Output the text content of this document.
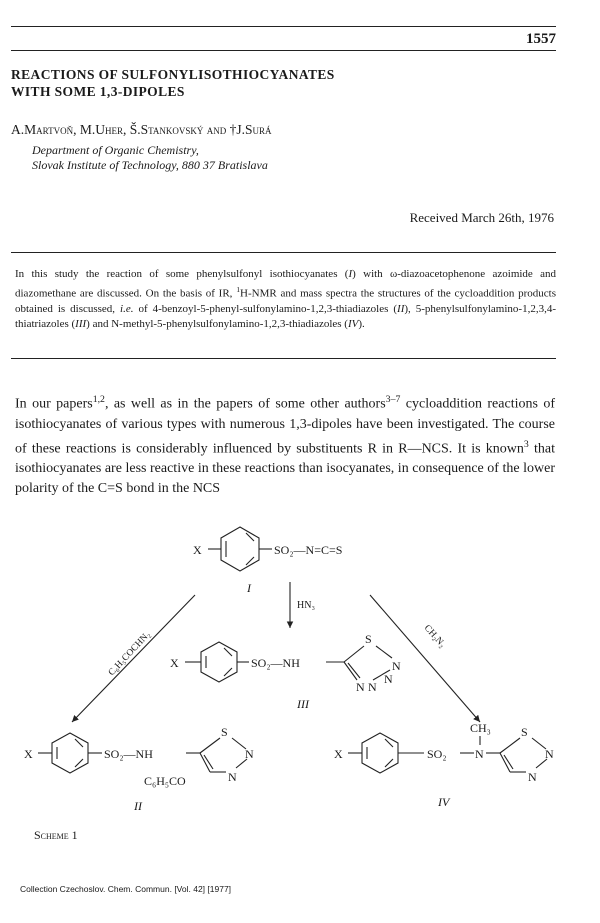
1557
REACTIONS OF SULFONYLISOTHIOCYANATES
WITH SOME 1,3-DIPOLES
A.Martvoň, M.Uher, Š.Stankovský and †J.Surá
Department of Organic Chemistry,
Slovak Institute of Technology, 880 37 Bratislava
Received March 26th, 1976
In this study the reaction of some phenylsulfonyl isothiocyanates (I) with ω-diazoacetophenone azoimide and diazomethane are discussed. On the basis of IR, $^1$H-NMR and mass spectra the structures of the cycloaddition products obtained is discussed, i.e. of 4-benzoyl-5-phenyl-sulfonylamino-1,2,3-thiadiazoles (II), 5-phenylsulfonylamino-1,2,3,4-thiatriazoles (III) and N-methyl-5-phenylsulfonylamino-1,2,3-thiadiazoles (IV).
In our papers$^{1,2}$, as well as in the papers of some other authors$^{3-7}$ cycloaddition reactions of isothiocyanates of various types with numerous 1,3-dipoles have been investigated. The course of these reactions is considerably influenced by substituents R in R—NCS. It is known$^3$ that isothiocyanates are less reactive in these reactions than isocyanates, in consequence of the lower polarity of the C=S bond in the NCS
X	SO₂—N=C=S
I
HN₃
C₆H₅COCHN₂	CH₂N₂
X	SO₂—NH
S
N
N
N N
III
X	SO₂—NH
S
N
N
C₆H₅CO
II
X	SO₂ N
CH₃	S
N
N
IV
Scheme 1
Collection Czechoslov. Chem. Commun. [Vol. 42] [1977]
